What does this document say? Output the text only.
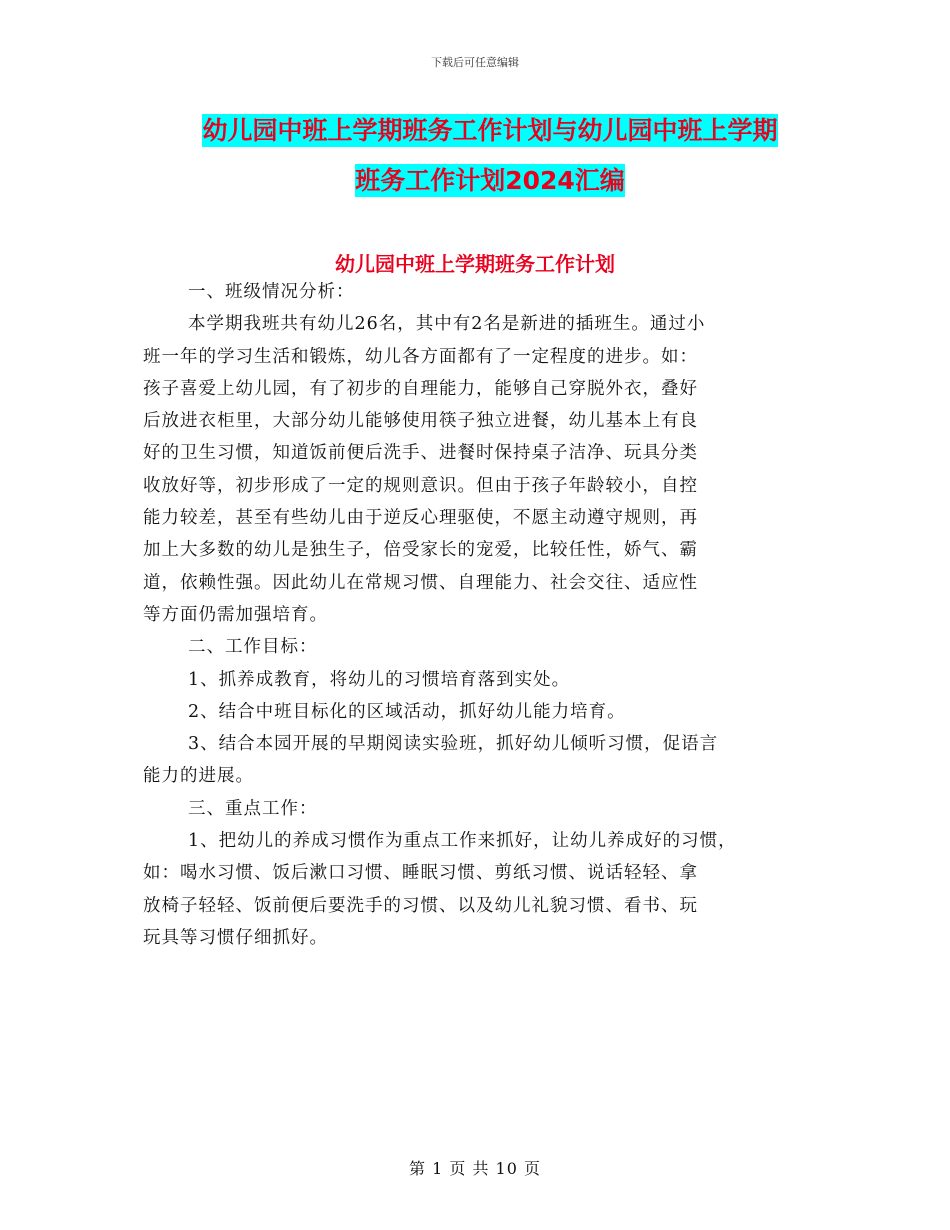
下载后可任意编辑
幼儿园中班上学期班务工作计划与幼儿园中班上学期
班务工作计划2024汇编
幼儿园中班上学期班务工作计划
一、班级情况分析：
本学期我班共有幼儿26名，其中有2名是新进的插班生。通过小
班一年的学习生活和锻炼，幼儿各方面都有了一定程度的进步。如：
孩子喜爱上幼儿园，有了初步的自理能力，能够自己穿脱外衣，叠好
后放进衣柜里，大部分幼儿能够使用筷子独立进餐，幼儿基本上有良
好的卫生习惯，知道饭前便后洗手、进餐时保持桌子洁净、玩具分类
收放好等，初步形成了一定的规则意识。但由于孩子年龄较小，自控
能力较差，甚至有些幼儿由于逆反心理驱使，不愿主动遵守规则，再
加上大多数的幼儿是独生子，倍受家长的宠爱，比较任性，娇气、霸
道，依赖性强。因此幼儿在常规习惯、自理能力、社会交往、适应性
等方面仍需加强培育。
二、工作目标：
1、抓养成教育，将幼儿的习惯培育落到实处。
2、结合中班目标化的区域活动，抓好幼儿能力培育。
3、结合本园开展的早期阅读实验班，抓好幼儿倾听习惯，促语言
能力的进展。
三、重点工作：
1、把幼儿的养成习惯作为重点工作来抓好，让幼儿养成好的习惯，
如：喝水习惯、饭后漱口习惯、睡眠习惯、剪纸习惯、说话轻轻、拿
放椅子轻轻、饭前便后要洗手的习惯、以及幼儿礼貌习惯、看书、玩
玩具等习惯仔细抓好。
第 1 页 共 10 页
